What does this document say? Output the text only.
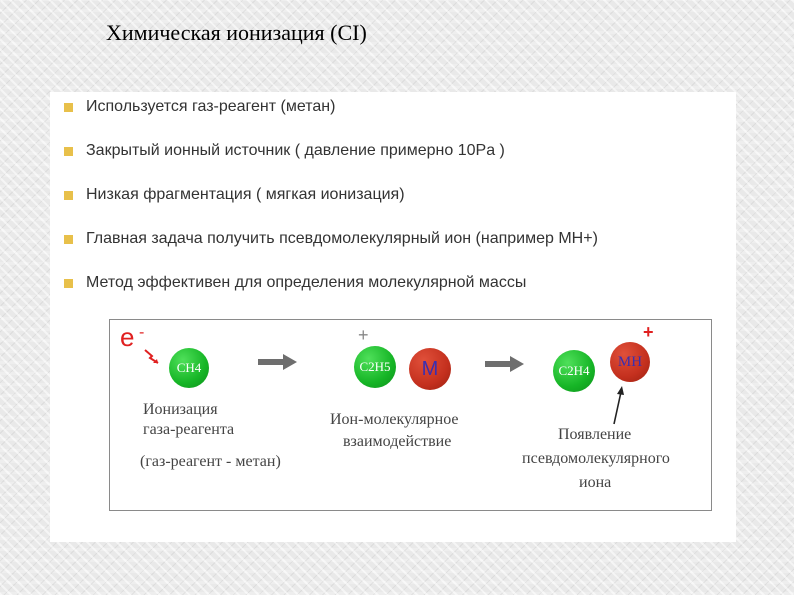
Химическая ионизация (CI)
Используется газ-реагент (метан)
Закрытый ионный источник ( давление примерно 10Pa )
Низкая фрагментация ( мягкая ионизация)
Главная задача получить псевдомолекулярный ион (например MH+)
Метод эффективен для определения молекулярной массы
e -
CH4
+
C2H5 M	C2H4
MH
+
Ионизация
газа-реагента
(газ-реагент - метан)
Ион-молекулярное
взаимодействие	Появление
псевдомолекулярного
иона
